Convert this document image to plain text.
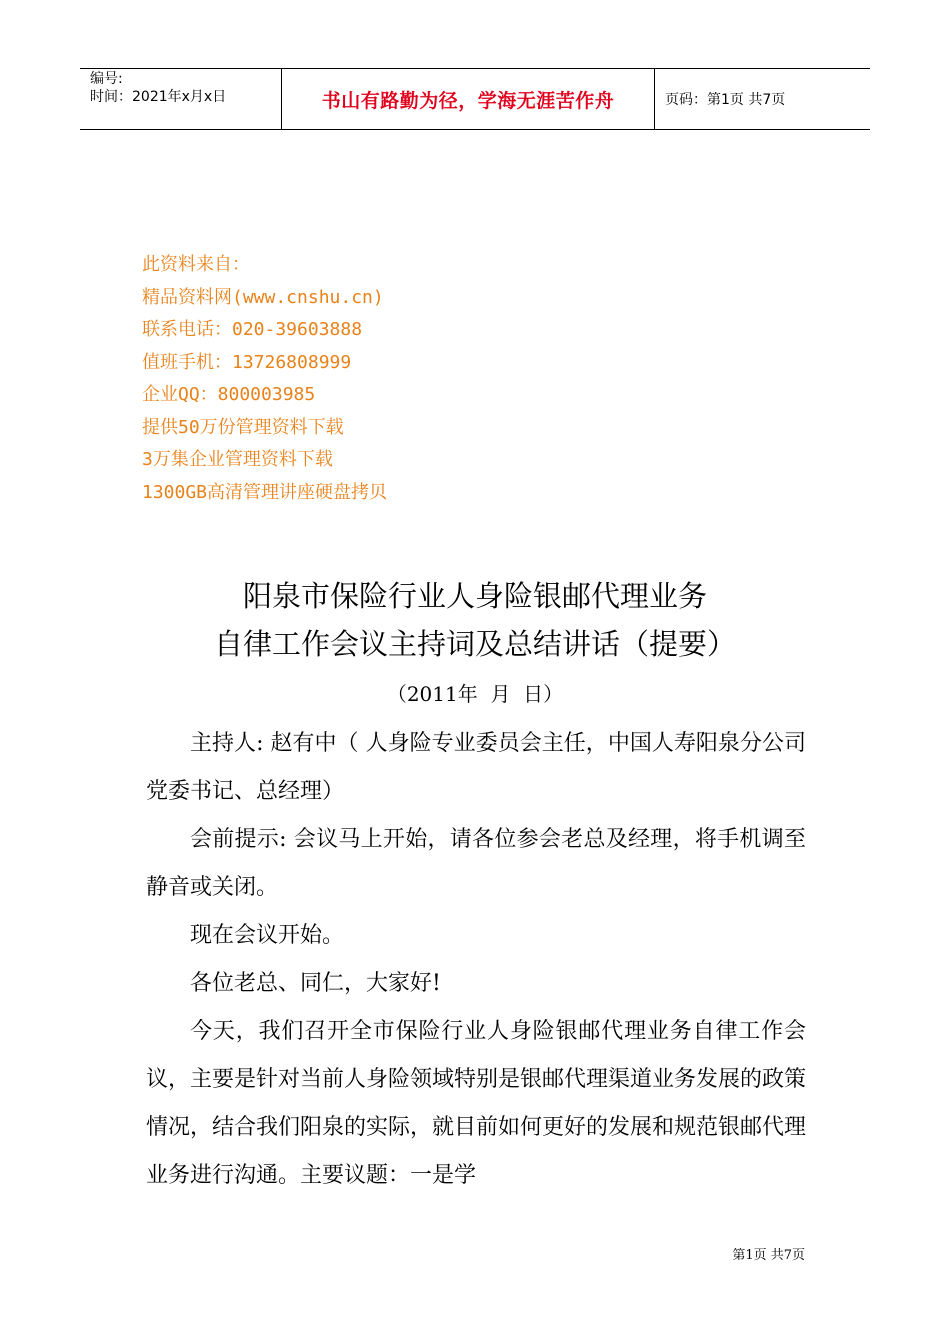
编号:
时间：2021年x月x日	书山有路勤为径，学海无涯苦作舟	页码：第1页 共7页
此资料来自：
精品资料网(www.cnshu.cn)
联系电话：020-39603888
值班手机：13726808999
企业QQ：800003985
提供50万份管理资料下载
3万集企业管理资料下载
1300GB高清管理讲座硬盘拷贝
阳泉市保险行业人身险银邮代理业务
自律工作会议主持词及总结讲话（提要）
（2011年  月  日）

主持人: 赵有中（ 人身险专业委员会主任，中国人寿阳泉分公司党委书记、总经理）

会前提示: 会议马上开始，请各位参会老总及经理，将手机调至静音或关闭。

现在会议开始。

各位老总、同仁，大家好!

今天，我们召开全市保险行业人身险银邮代理业务自律工作会议，主要是针对当前人身险领域特别是银邮代理渠道业务发展的政策情况，结合我们阳泉的实际，就目前如何更好的发展和规范银邮代理业务进行沟通。主要议题：一是学

第1页 共7页
